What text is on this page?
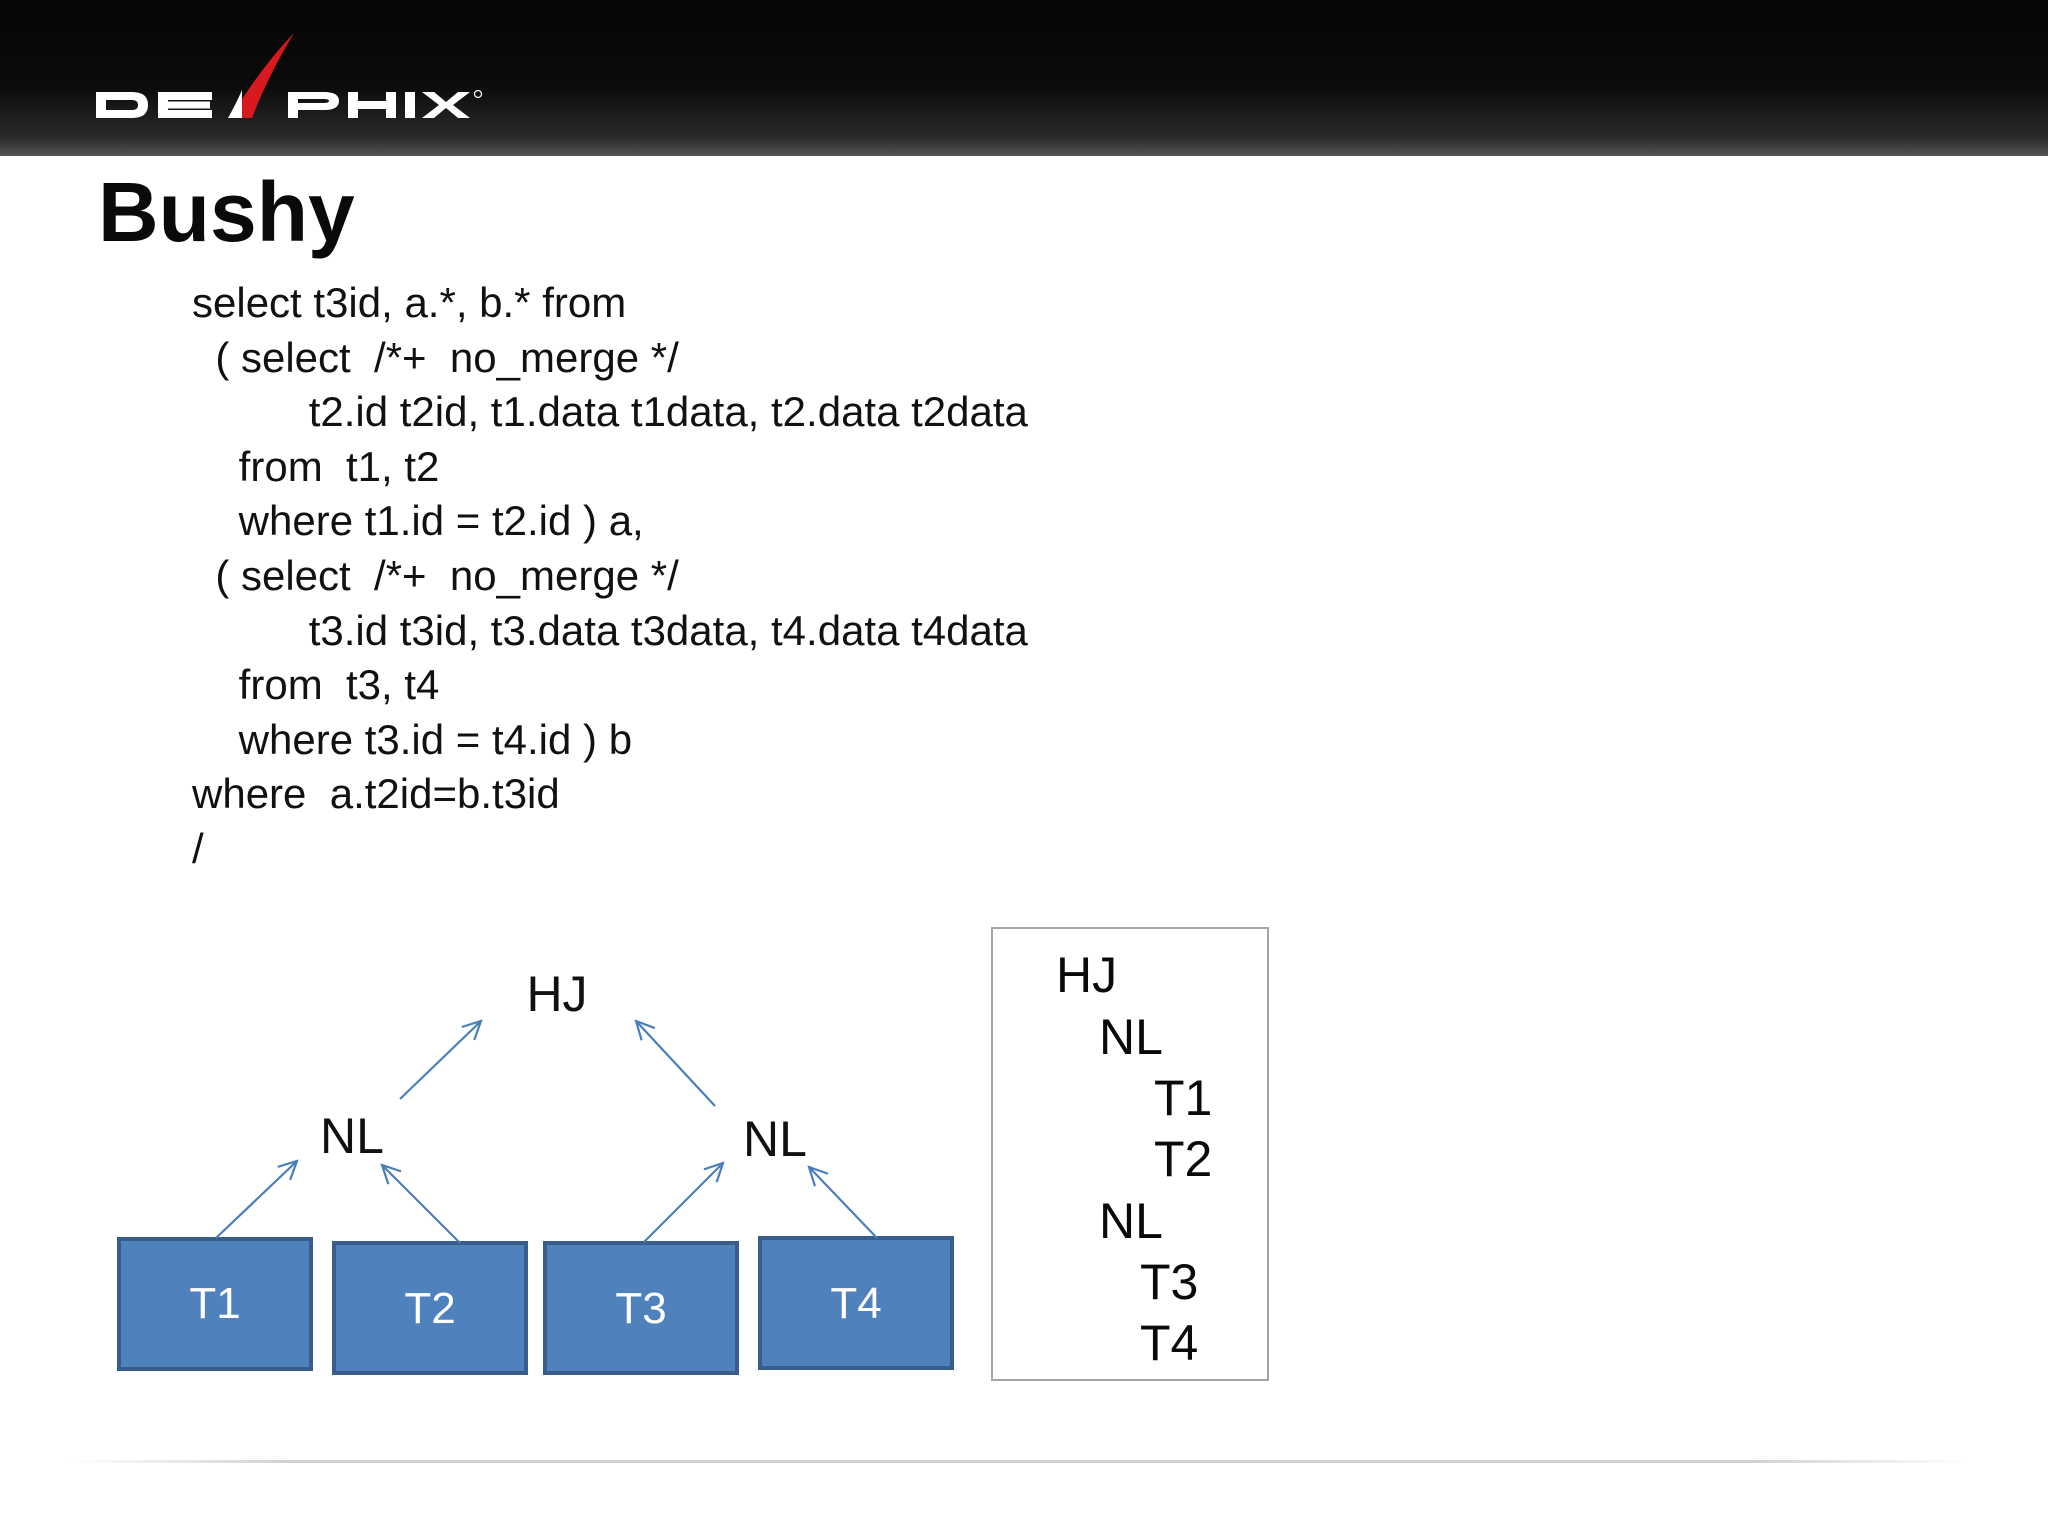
Bushy
select t3id, a.*, b.* from
( select  /*+  no_merge */
t2.id t2id, t1.data t1data, t2.data t2data
from  t1, t2
where t1.id = t2.id ) a,
( select  /*+  no_merge */
t3.id t3id, t3.data t3data, t4.data t4data
from  t3, t4
where t3.id = t4.id ) b
where  a.t2id=b.t3id
/
T1	T2	T3	T4
NL	NL
HJ	HJ
NL
T1
T2
NL
T3
T4
